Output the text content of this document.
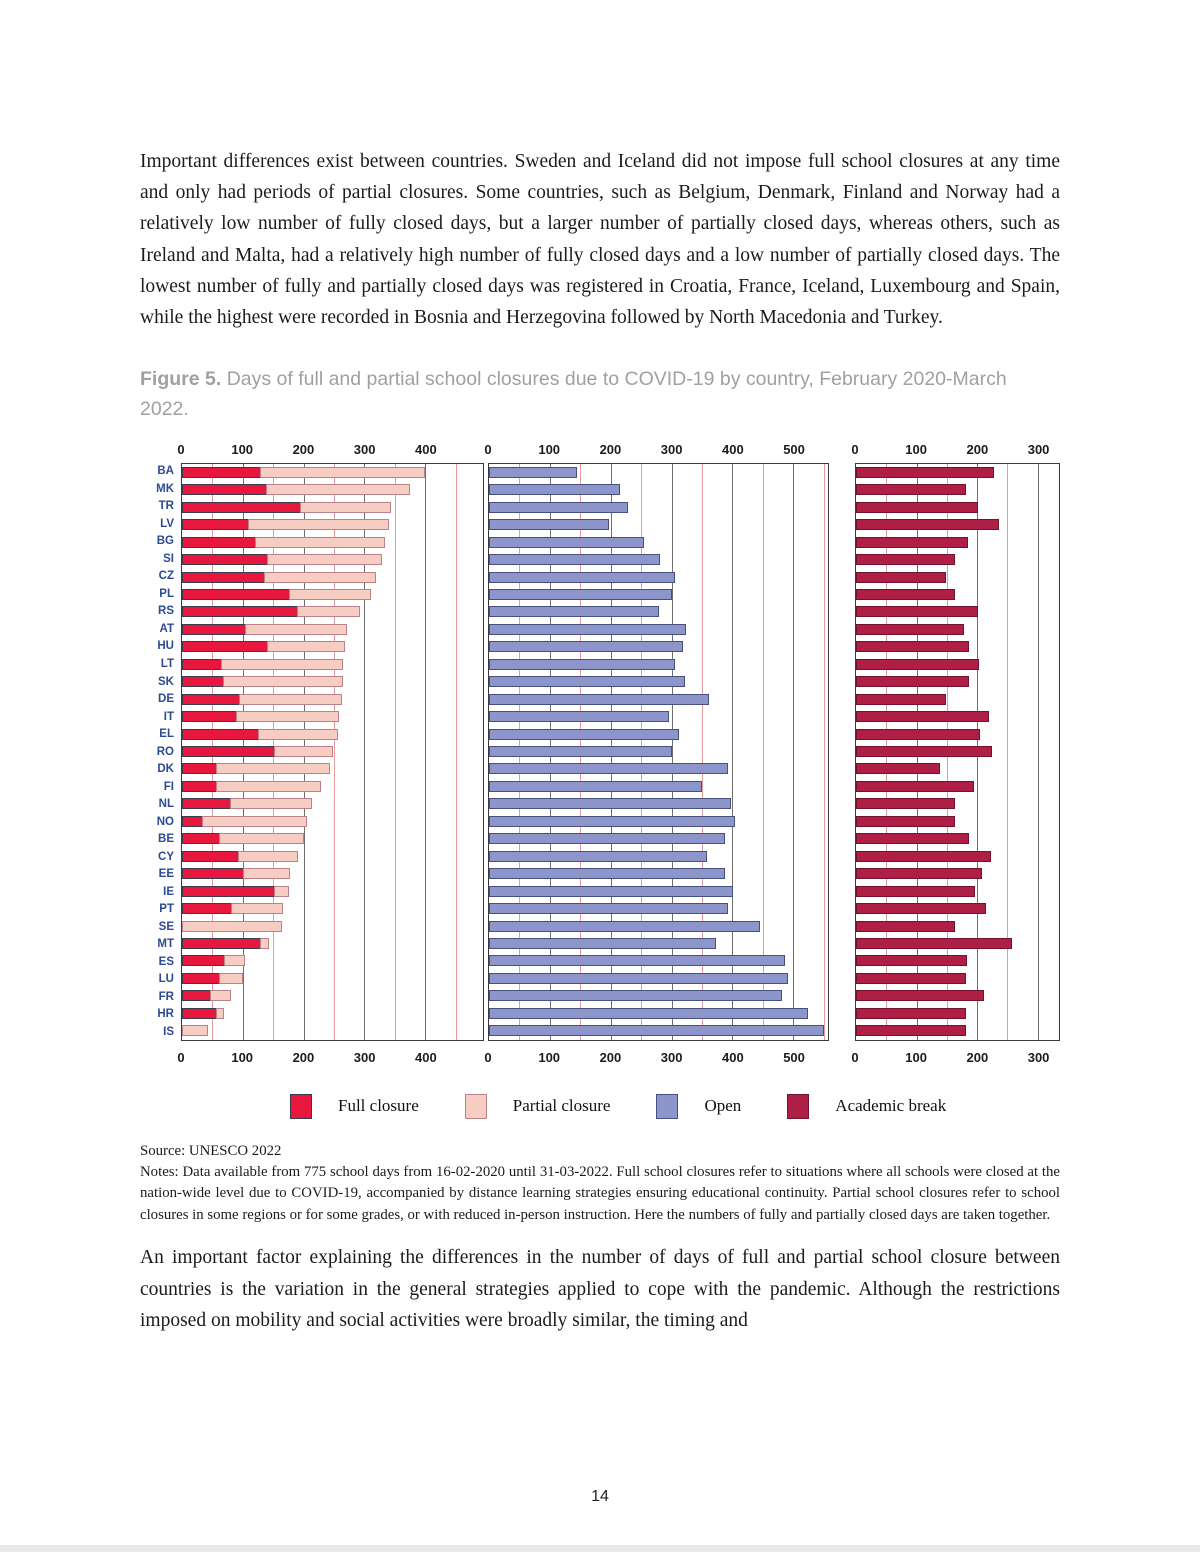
Important differences exist between countries. Sweden and Iceland did not impose full school closures at any time and only had periods of partial closures. Some countries, such as Belgium, Denmark, Finland and Norway had a relatively low number of fully closed days, but a larger number of partially closed days, whereas others, such as Ireland and Malta, had a relatively high number of fully closed days and a low number of partially closed days. The lowest number of fully and partially closed days was registered in Croatia, France, Iceland, Luxembourg and Spain, while the highest were recorded in Bosnia and Herzegovina followed by North Macedonia and Turkey.

Figure 5. Days of full and partial school closures due to COVID-19 by country, February 2020-March 2022.
BA
MK
TR
LV
BG
SI
CZ
PL
RS
AT
HU
LT
SK
DE
IT
EL
RO
DK
FI
NL
NO
BE
CY
EE
IE
PT
SE
MT
ES
LU
FR
HR
IS
0	100	200	300	400
0	100	200	300	400
0	100	200	300	400	500
0	100	200	300	400	500
0	100	200	300
0	100	200	300
Full closure	Partial closure	Open	Academic break
Source: UNESCO 2022

Notes: Data available from 775 school days from 16-02-2020 until 31-03-2022. Full school closures refer to situations where all schools were closed at the nation-wide level due to COVID-19, accompanied by distance learning strategies ensuring educational continuity. Partial school closures refer to school closures in some regions or for some grades, or with reduced in-person instruction. Here the numbers of fully and partially closed days are taken together.

An important factor explaining the differences in the number of days of full and partial school closure between countries is the variation in the general strategies applied to cope with the pandemic. Although the restrictions imposed on mobility and social activities were broadly similar, the timing and

14
